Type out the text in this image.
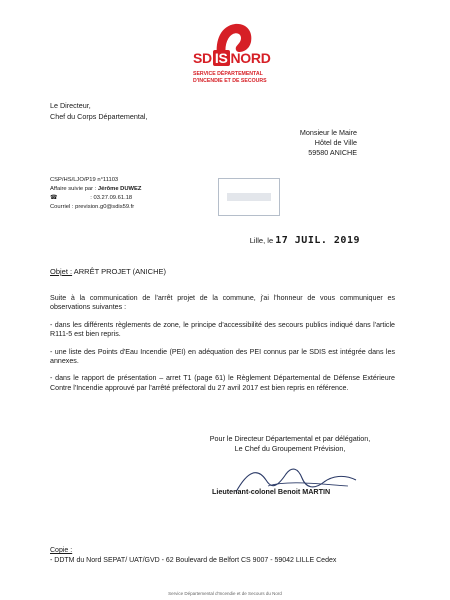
SD IS NORD
SERVICE DÉPARTEMENTAL
D'INCENDIE ET DE SECOURS
Le Directeur,
Chef du Corps Départemental,
Monsieur le Maire
Hôtel de Ville
59580 ANICHE
CSP/HS/LJO/P19 n°11103
Affaire suivie par : Jérôme DUWEZ
☎	: 03.27.09.61.18
Courriel : prevision.g0@sdis59.fr
Lille, le 17 JUIL. 2019
Objet : ARRÊT PROJET (ANICHE)

Suite à la communication de l'arrêt projet de la commune, j'ai l'honneur de vous communiquer es observations suivantes :

- dans les différents règlements de zone, le principe d'accessibilité des secours publics indiqué dans l'article R111-5 est bien repris.

- une liste des Points d'Eau Incendie (PEI) en adéquation des PEI connus par le SDIS est intégrée dans les annexes.

- dans le rapport de présentation – arret T1 (page 61) le Règlement Départemental de Défense Extérieure Contre l'Incendie approuvé par l'arrêté préfectoral du 27 avril 2017 est bien repris en référence.

Pour le Directeur Départemental et par délégation,
Le Chef du Groupement Prévision,
Lieutenant-colonel Benoit MARTIN
Copie :
- DDTM du Nord SEPAT/ UAT/GVD - 62 Boulevard de Belfort CS 9007 - 59042 LILLE Cedex
Service Départemental d'Incendie et de Secours du Nord
